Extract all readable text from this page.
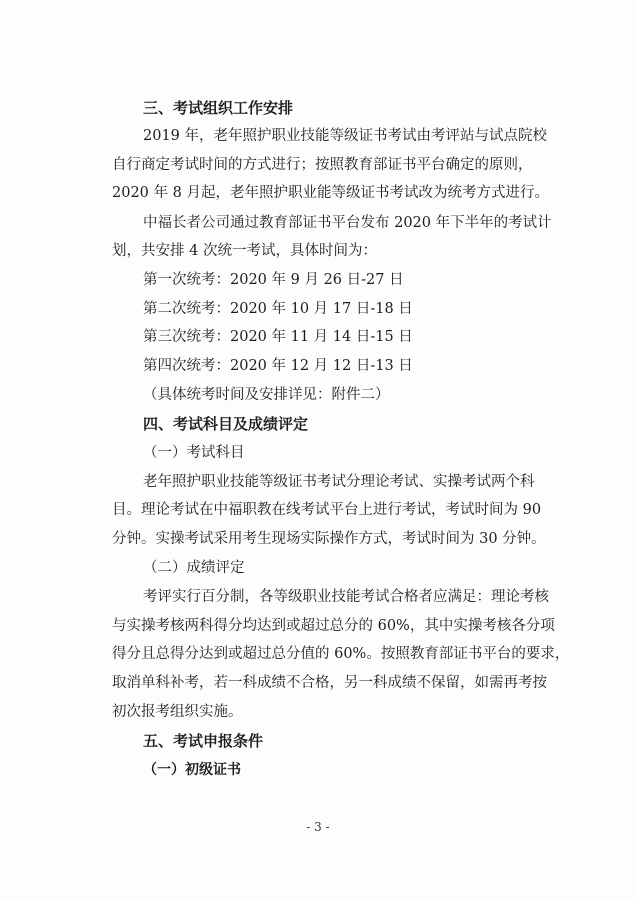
三、考试组织工作安排
2019 年，老年照护职业技能等级证书考试由考评站与试点院校
自行商定考试时间的方式进行；按照教育部证书平台确定的原则，
2020 年 8 月起，老年照护职业能等级证书考试改为统考方式进行。
中福长者公司通过教育部证书平台发布 2020 年下半年的考试计
划，共安排 4 次统一考试，具体时间为：
第一次统考：2020 年 9 月 26 日-27 日
第二次统考：2020 年 10 月 17 日-18 日
第三次统考：2020 年 11 月 14 日-15 日
第四次统考：2020 年 12 月 12 日-13 日
（具体统考时间及安排详见：附件二）
四、考试科目及成绩评定
（一）考试科目
老年照护职业技能等级证书考试分理论考试、实操考试两个科
目。理论考试在中福职教在线考试平台上进行考试，考试时间为 90
分钟。实操考试采用考生现场实际操作方式，考试时间为 30 分钟。
（二）成绩评定
考评实行百分制，各等级职业技能考试合格者应满足：理论考核
与实操考核两科得分均达到或超过总分的 60%，其中实操考核各分项
得分且总得分达到或超过总分值的 60%。按照教育部证书平台的要求，
取消单科补考，若一科成绩不合格，另一科成绩不保留，如需再考按
初次报考组织实施。
五、考试申报条件
（一）初级证书
- 3 -
